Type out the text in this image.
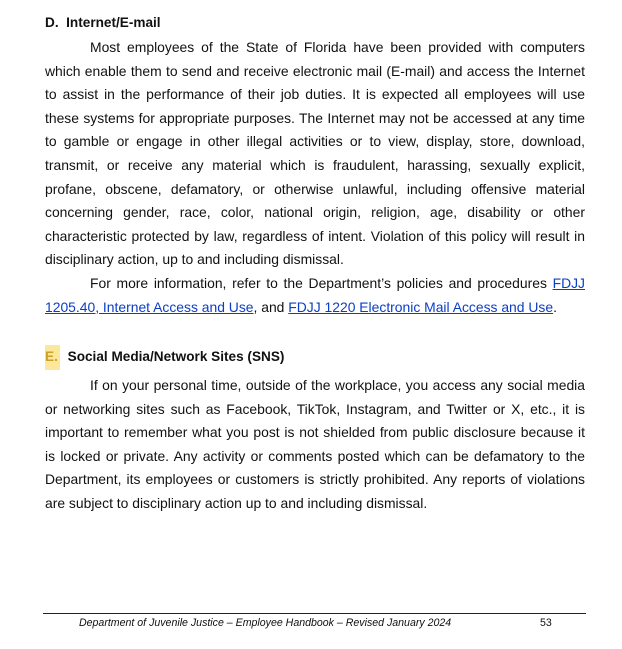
D. Internet/E-mail

Most employees of the State of Florida have been provided with computers which enable them to send and receive electronic mail (E-mail) and access the Internet to assist in the performance of their job duties. It is expected all employees will use these systems for appropriate purposes. The Internet may not be accessed at any time to gamble or engage in other illegal activities or to view, display, store, download, transmit, or receive any material which is fraudulent, harassing, sexually explicit, profane, obscene, defamatory, or otherwise unlawful, including offensive material concerning gender, race, color, national origin, religion, age, disability or other characteristic protected by law, regardless of intent. Violation of this policy will result in disciplinary action, up to and including dismissal.

For more information, refer to the Department’s policies and procedures FDJJ 1205.40, Internet Access and Use, and FDJJ 1220 Electronic Mail Access and Use.

E. Social Media/Network Sites (SNS)

If on your personal time, outside of the workplace, you access any social media or networking sites such as Facebook, TikTok, Instagram, and Twitter or X, etc., it is important to remember what you post is not shielded from public disclosure because it is locked or private. Any activity or comments posted which can be defamatory to the Department, its employees or customers is strictly prohibited. Any reports of violations are subject to disciplinary action up to and including dismissal.

Department of Juvenile Justice – Employee Handbook – Revised January 2024	53
